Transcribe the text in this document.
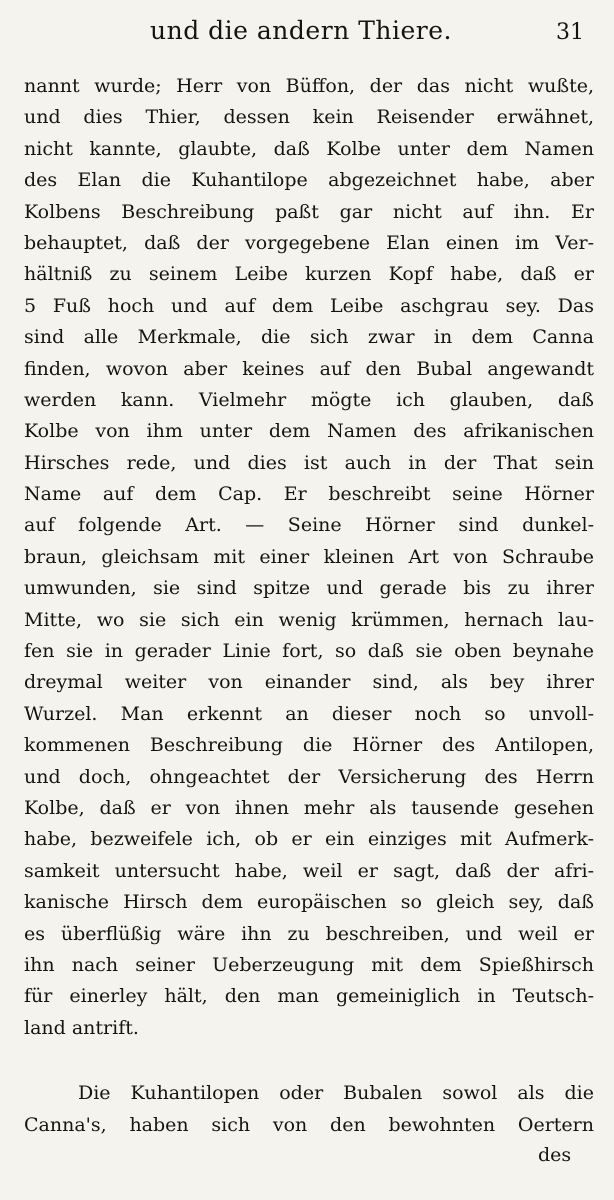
und die andern Thiere.	31
nannt wurde; Herr von Büffon, der das nicht wußte,
und dies Thier, dessen kein Reisender erwähnet,
nicht kannte, glaubte, daß Kolbe unter dem Namen
des Elan die Kuhantilope abgezeichnet habe, aber
Kolbens Beschreibung paßt gar nicht auf ihn. Er
behauptet, daß der vorgegebene Elan einen im Ver-
hältniß zu seinem Leibe kurzen Kopf habe, daß er
5 Fuß hoch und auf dem Leibe aschgrau sey. Das
sind alle Merkmale, die sich zwar in dem Canna
finden, wovon aber keines auf den Bubal angewandt
werden kann. Vielmehr mögte ich glauben, daß
Kolbe von ihm unter dem Namen des afrikanischen
Hirsches rede, und dies ist auch in der That sein
Name auf dem Cap. Er beschreibt seine Hörner
auf folgende Art. — Seine Hörner sind dunkel-
braun, gleichsam mit einer kleinen Art von Schraube
umwunden, sie sind spitze und gerade bis zu ihrer
Mitte, wo sie sich ein wenig krümmen, hernach lau-
fen sie in gerader Linie fort, so daß sie oben beynahe
dreymal weiter von einander sind, als bey ihrer
Wurzel. Man erkennt an dieser noch so unvoll-
kommenen Beschreibung die Hörner des Antilopen,
und doch, ohngeachtet der Versicherung des Herrn
Kolbe, daß er von ihnen mehr als tausende gesehen
habe, bezweifele ich, ob er ein einziges mit Aufmerk-
samkeit untersucht habe, weil er sagt, daß der afri-
kanische Hirsch dem europäischen so gleich sey, daß
es überflüßig wäre ihn zu beschreiben, und weil er
ihn nach seiner Ueberzeugung mit dem Spießhirsch
für einerley hält, den man gemeiniglich in Teutsch-
land antrift.
Die Kuhantilopen oder Bubalen sowol als die
Canna's, haben sich von den bewohnten Oertern
des
